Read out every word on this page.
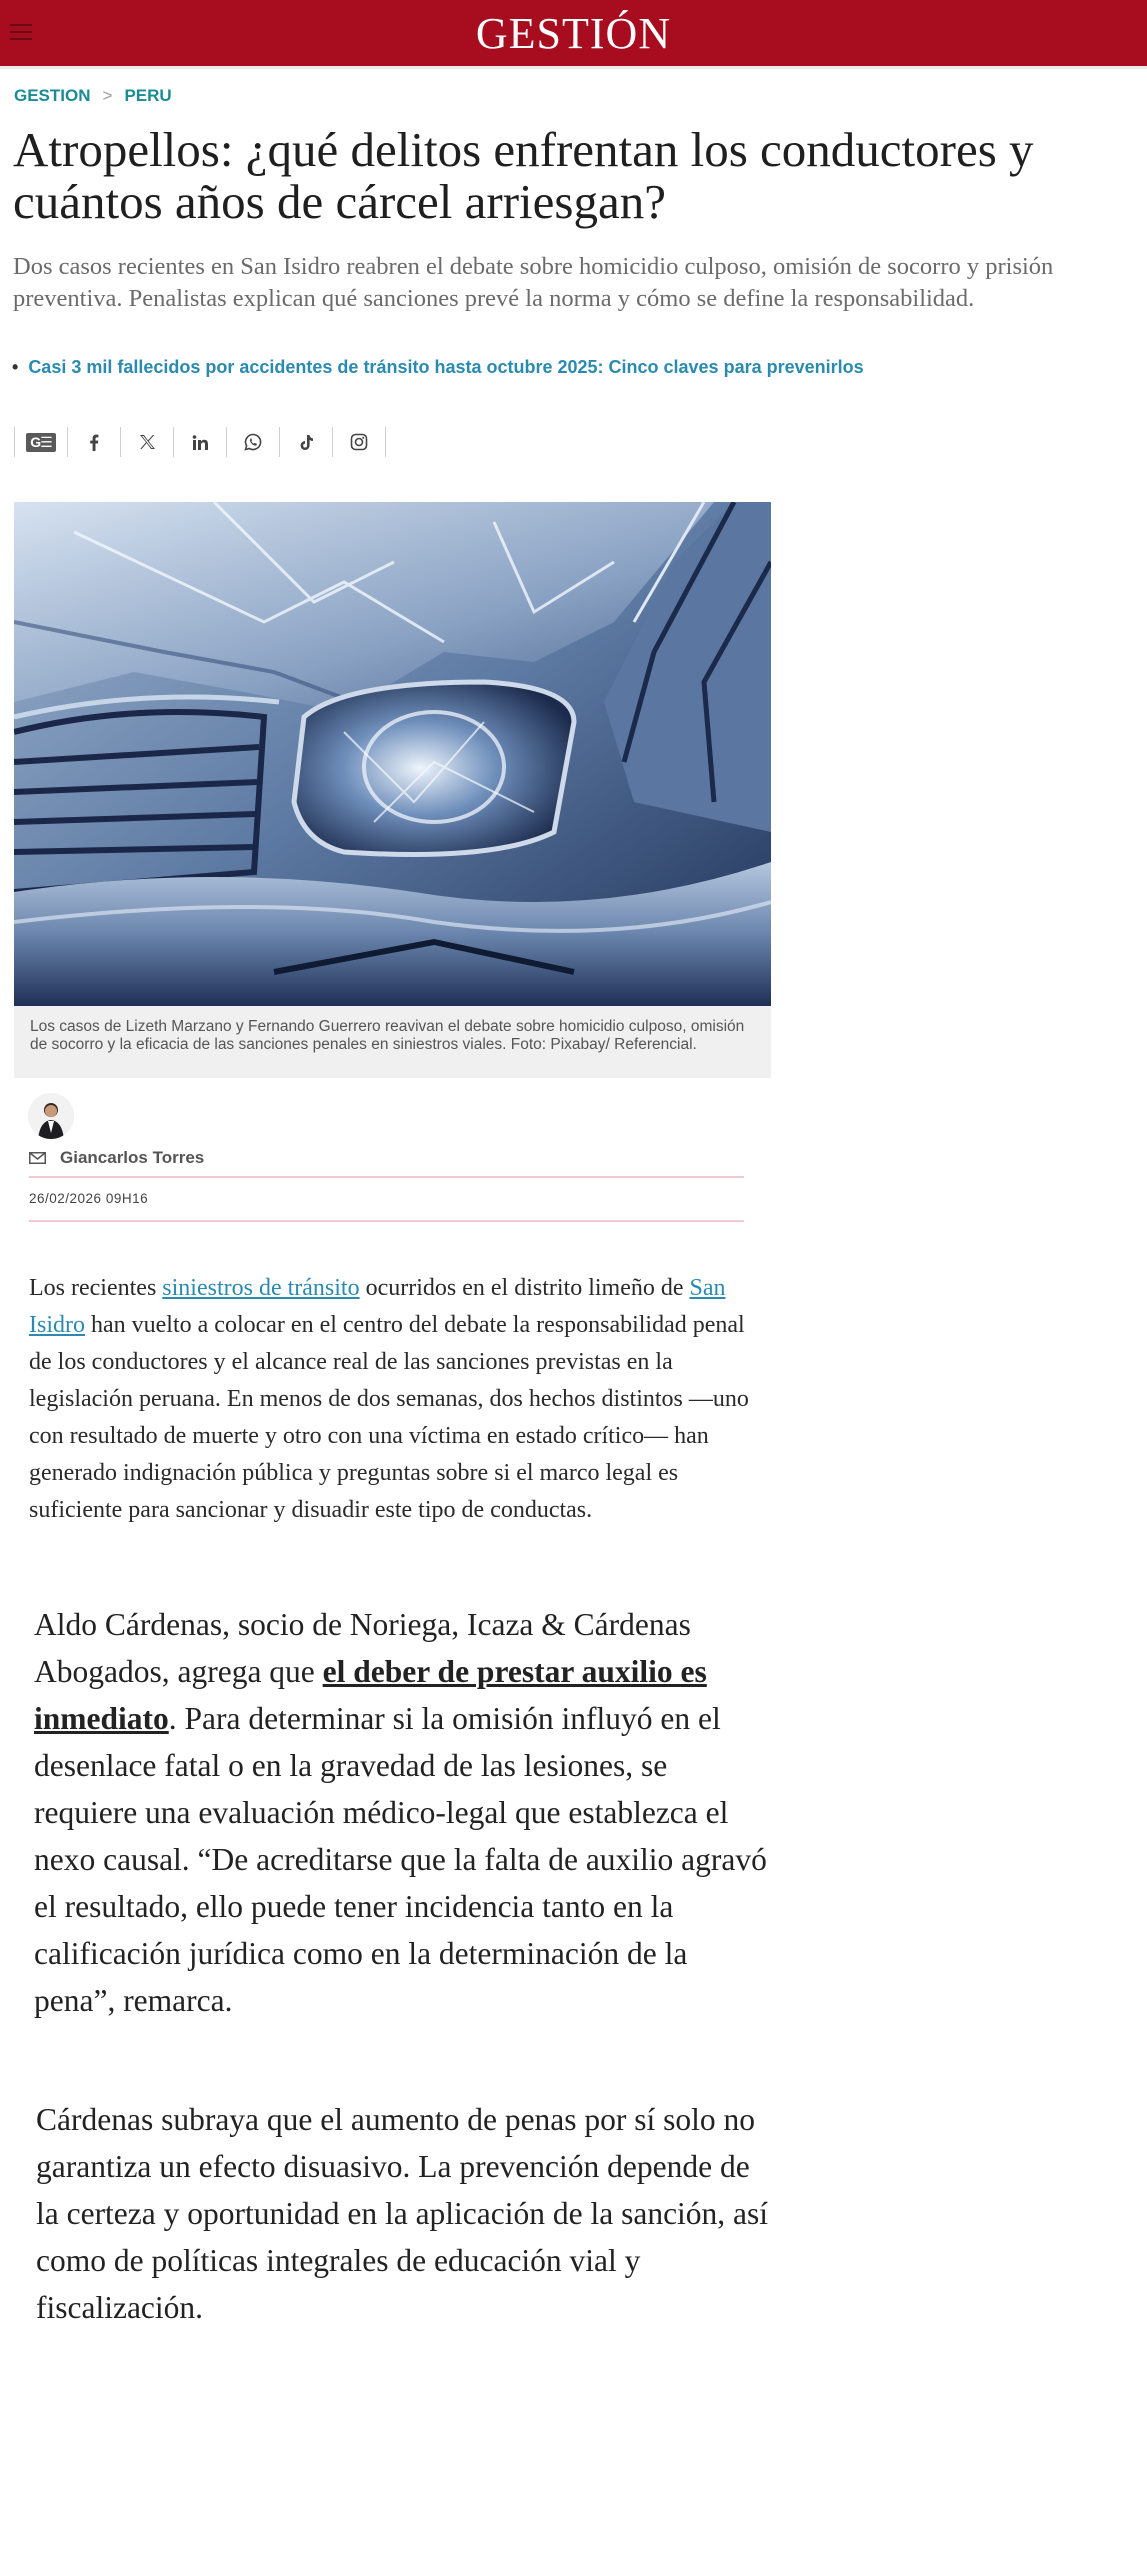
GESTIÓN
GESTION > PERU
Atropellos: ¿qué delitos enfrentan los conductores y cuántos años de cárcel arriesgan?

Dos casos recientes en San Isidro reabren el debate sobre homicidio culposo, omisión de socorro y prisión preventiva. Penalistas explican qué sanciones prevé la norma y cómo se define la responsabilidad.

• Casi 3 mil fallecidos por accidentes de tránsito hasta octubre 2025: Cinco claves para prevenirlos
G☰
Los casos de Lizeth Marzano y Fernando Guerrero reavivan el debate sobre homicidio culposo, omisión de socorro y la eficacia de las sanciones penales en siniestros viales. Foto: Pixabay/ Referencial.
Giancarlos Torres
26/02/2026 09H16

Los recientes siniestros de tránsito ocurridos en el distrito limeño de San Isidro han vuelto a colocar en el centro del debate la responsabilidad penal de los conductores y el alcance real de las sanciones previstas en la legislación peruana. En menos de dos semanas, dos hechos distintos —uno con resultado de muerte y otro con una víctima en estado crítico— han generado indignación pública y preguntas sobre si el marco legal es suficiente para sancionar y disuadir este tipo de conductas.

Aldo Cárdenas, socio de Noriega, Icaza & Cárdenas Abogados, agrega que el deber de prestar auxilio es inmediato. Para determinar si la omisión influyó en el desenlace fatal o en la gravedad de las lesiones, se requiere una evaluación médico-legal que establezca el nexo causal. “De acreditarse que la falta de auxilio agravó el resultado, ello puede tener incidencia tanto en la calificación jurídica como en la determinación de la pena”, remarca.

Cárdenas subraya que el aumento de penas por sí solo no garantiza un efecto disuasivo. La prevención depende de la certeza y oportunidad en la aplicación de la sanción, así como de políticas integrales de educación vial y fiscalización.
